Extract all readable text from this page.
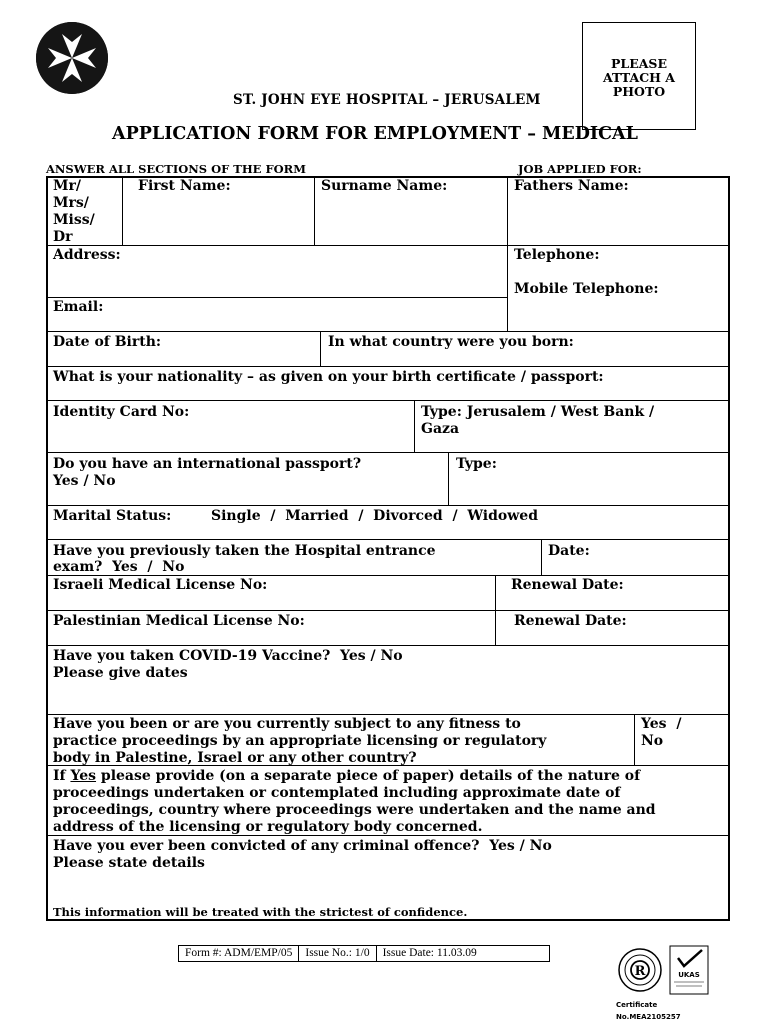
PLEASE ATTACH A PHOTO
ST. JOHN EYE HOSPITAL – JERUSALEM
APPLICATION FORM FOR EMPLOYMENT – MEDICAL
ANSWER ALL SECTIONS OF THE FORM	JOB APPLIED FOR:
Mr/
Mrs/
Miss/
Dr
First Name:	Surname Name:	Fathers Name:
Address:	Telephone:
Mobile Telephone:
Email:
Date of Birth:	In what country were you born:
What is your nationality – as given on your birth certificate / passport:
Identity Card No:	Type: Jerusalem / West Bank /
Gaza
Do you have an international passport?
Yes / No
Type:
Marital Status:	Single  /  Married  /  Divorced  /  Widowed
Have you previously taken the Hospital entrance
exam?  Yes  /  No
Date:
Israeli Medical License No:	Renewal Date:
Palestinian Medical License No:	Renewal Date:
Have you taken COVID-19 Vaccine?  Yes / No
Please give dates
Have you been or are you currently subject to any fitness to
practice proceedings by an appropriate licensing or regulatory
body in Palestine, Israel or any other country?
Yes  /
No
If Yes please provide (on a separate piece of paper) details of the nature of
proceedings undertaken or contemplated including approximate date of
proceedings, country where proceedings were undertaken and the name and
address of the licensing or regulatory body concerned.
Have you ever been convicted of any criminal offence?  Yes / No
Please state details
This information will be treated with the strictest of confidence.
Form #: ADM/EMP/05	Issue No.: 1/0	Issue Date: 11.03.09
R	UKAS
Certificate
No.MEA2105257
